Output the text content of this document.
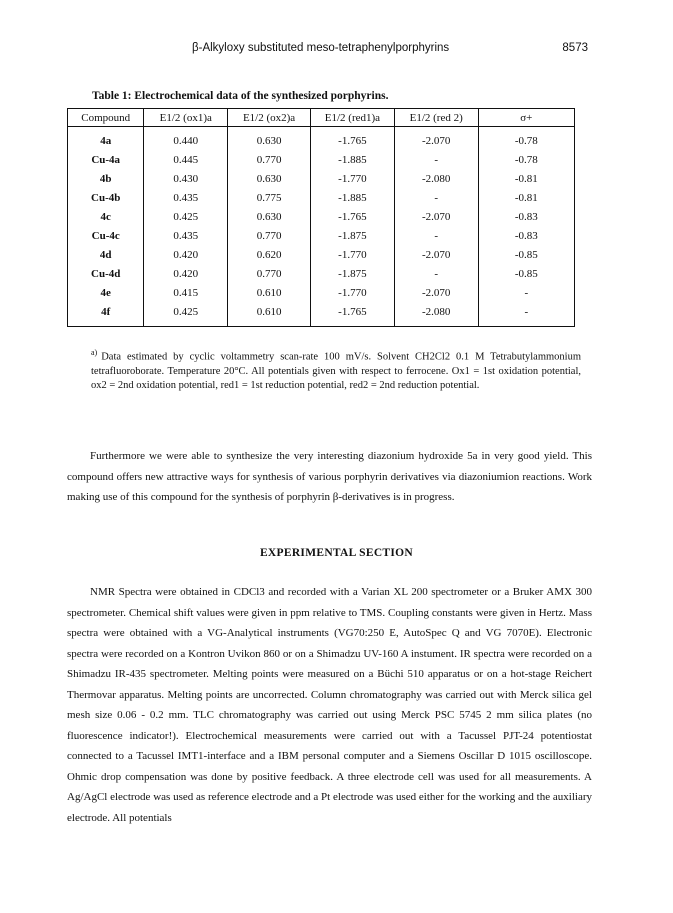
β-Alkyloxy substituted meso-tetraphenylporphyrins	8573
Table 1: Electrochemical data of the synthesized porphyrins.
Compound	E1/2 (ox1)a	E1/2 (ox2)a	E1/2 (red1)a	E1/2 (red 2)	σ+
4a	0.440	0.630	-1.765	-2.070	-0.78
Cu-4a	0.445	0.770	-1.885	-	-0.78
4b	0.430	0.630	-1.770	-2.080	-0.81
Cu-4b	0.435	0.775	-1.885	-	-0.81
4c	0.425	0.630	-1.765	-2.070	-0.83
Cu-4c	0.435	0.770	-1.875	-	-0.83
4d	0.420	0.620	-1.770	-2.070	-0.85
Cu-4d	0.420	0.770	-1.875	-	-0.85
4e	0.415	0.610	-1.770	-2.070	-
4f	0.425	0.610	-1.765	-2.080	-
$^{a)}$ Data estimated by cyclic voltammetry scan-rate 100 mV/s. Solvent CH2Cl2 0.1 M Tetrabutylammonium tetrafluoroborate. Temperature 20°C. All potentials given with respect to ferrocene. Ox1 = 1st oxidation potential, ox2 = 2nd oxidation potential, red1 = 1st reduction potential, red2 = 2nd reduction potential.
Furthermore we were able to synthesize the very interesting diazonium hydroxide 5a in very good yield. This compound offers new attractive ways for synthesis of various porphyrin derivatives via diazoniumion reactions. Work making use of this compound for the synthesis of porphyrin β-derivatives is in progress.
EXPERIMENTAL SECTION
NMR Spectra were obtained in CDCl3 and recorded with a Varian XL 200 spectrometer or a Bruker AMX 300 spectrometer. Chemical shift values were given in ppm relative to TMS. Coupling constants were given in Hertz. Mass spectra were obtained with a VG-Analytical instruments (VG70:250 E, AutoSpec Q and VG 7070E). Electronic spectra were recorded on a Kontron Uvikon 860 or on a Shimadzu UV-160 A instument. IR spectra were recorded on a Shimadzu IR-435 spectrometer. Melting points were measured on a Büchi 510 apparatus or on a hot-stage Reichert Thermovar apparatus. Melting points are uncorrected. Column chromatography was carried out with Merck silica gel mesh size 0.06 - 0.2 mm. TLC chromatography was carried out using Merck PSC 5745 2 mm silica plates (no fluorescence indicator!). Electrochemical measurements were carried out with a Tacussel PJT-24 potentiostat connected to a Tacussel IMT1-interface and a IBM personal computer and a Siemens Oscillar D 1015 oscilloscope. Ohmic drop compensation was done by positive feedback. A three electrode cell was used for all measurements. A Ag/AgCl electrode was used as reference electrode and a Pt electrode was used either for the working and the auxiliary electrode. All potentials
